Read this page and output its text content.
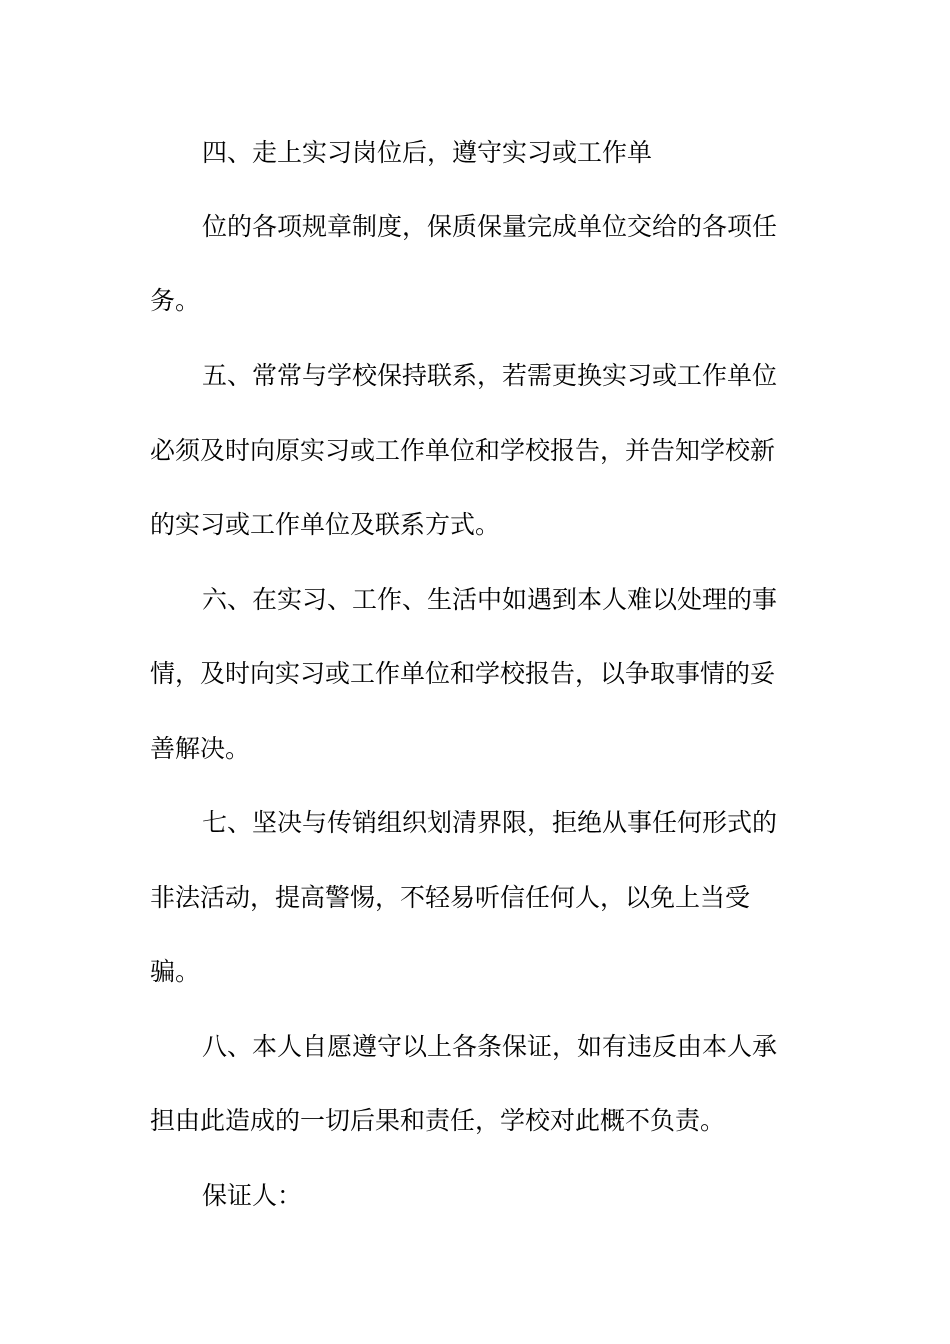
四、走上实习岗位后，遵守实习或工作单
位的各项规章制度，保质保量完成单位交给的各项任
务。
五、常常与学校保持联系，若需更换实习或工作单位
必须及时向原实习或工作单位和学校报告，并告知学校新
的实习或工作单位及联系方式。
六、在实习、工作、生活中如遇到本人难以处理的事
情，及时向实习或工作单位和学校报告，以争取事情的妥
善解决。
七、坚决与传销组织划清界限，拒绝从事任何形式的
非法活动，提高警惕，不轻易听信任何人，以免上当受
骗。
八、本人自愿遵守以上各条保证，如有违反由本人承
担由此造成的一切后果和责任，学校对此概不负责。
保证人：
